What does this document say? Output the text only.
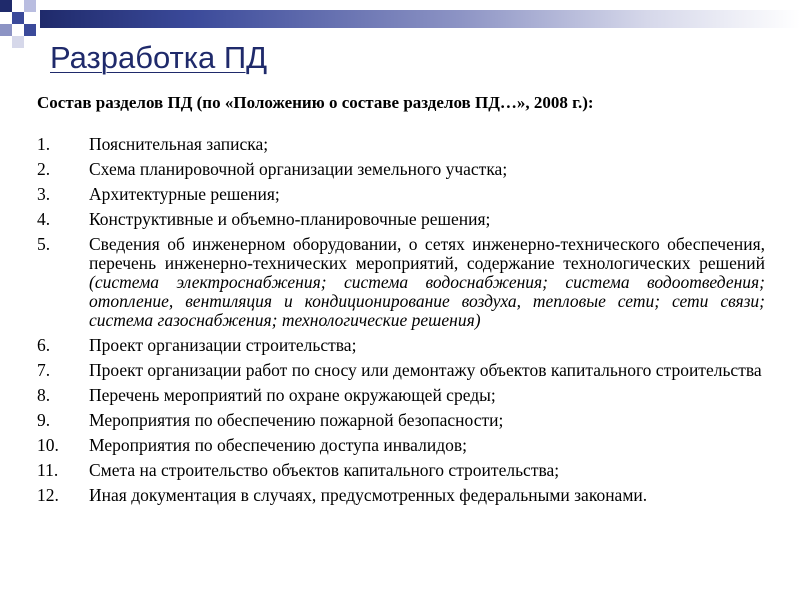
Разработка ПД

Состав разделов ПД (по «Положению о составе разделов ПД…», 2008 г.):

1. Пояснительная записка;
2. Схема планировочной организации земельного участка;
3. Архитектурные решения;
4. Конструктивные и объемно-планировочные решения;
5. Сведения об инженерном оборудовании, о сетях инженерно-технического обеспечения, перечень инженерно-технических мероприятий, содержание технологических решений (система электроснабжения; система водоснабжения; система водоотведения; отопление, вентиляция и кондиционирование воздуха, тепловые сети; сети связи; система газоснабжения; технологические решения)
6. Проект организации строительства;
7. Проект организации работ по сносу или демонтажу объектов капитального строительства
8. Перечень мероприятий по охране окружающей среды;
9. Мероприятия по обеспечению пожарной безопасности;
10. Мероприятия по обеспечению доступа инвалидов;
11. Смета на строительство объектов капитального строительства;
12. Иная документация в случаях, предусмотренных федеральными законами.
